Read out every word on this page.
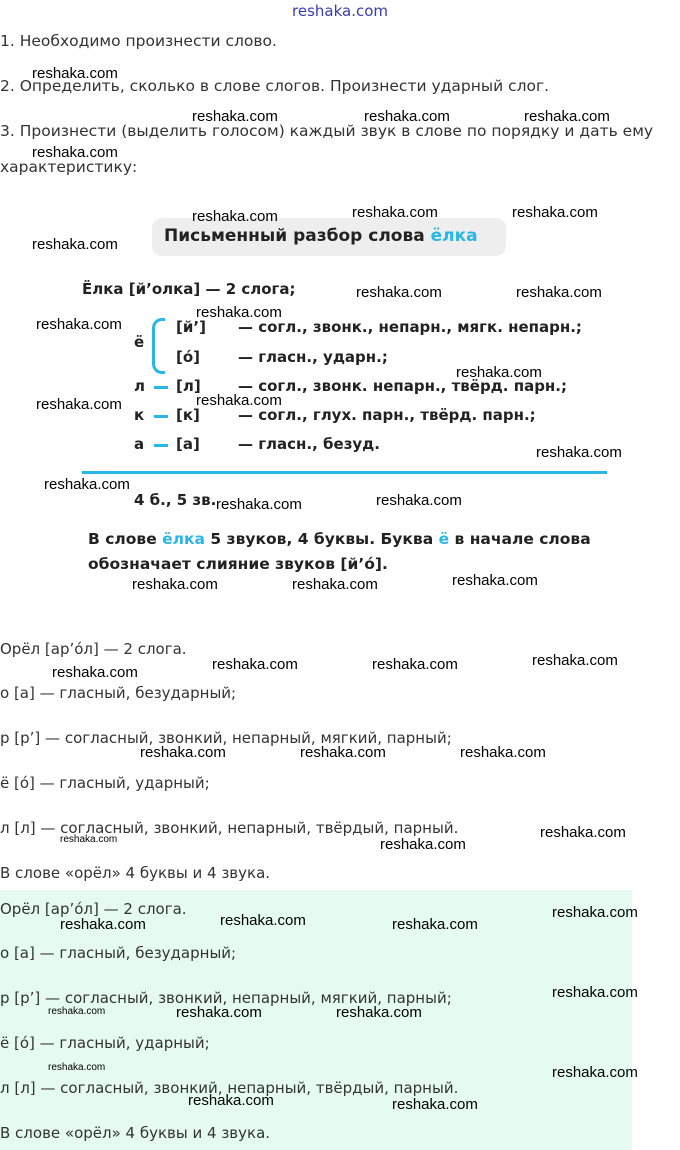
reshaka.com
1. Необходимо произнести слово.
2. Определить, сколько в слове слогов. Произнести ударный слог.
3. Произнести (выделить голосом) каждый звук в слове по порядку и дать ему
характеристику:
Письменный разбор слова ёлка
Ёлка [й’олка] — 2 слога;
ё
[й’] — согл., звонк., непарн., мягк. непарн.;
[о́]	— гласн., ударн.;
л [л] — согл., звонк. непарн., твёрд. парн.;
к [к]	— согл., глух. парн., твёрд. парн.;
а [а]	— гласн., безуд.
4 б., 5 зв.
В слове ёлка 5 звуков, 4 буквы. Буква ё в начале слова
обозначает слияние звуков [й’о́].
Орёл [ар’о́л] — 2 слога.
о [а] — гласный, безударный;
р [р’] — согласный, звонкий, непарный, мягкий, парный;
ё [о́] — гласный, ударный;
л [л] — согласный, звонкий, непарный, твёрдый, парный.
В слове «орёл» 4 буквы и 4 звука.
Орёл [ар’о́л] — 2 слога.
о [а] — гласный, безударный;
р [р’] — согласный, звонкий, непарный, мягкий, парный;
ё [о́] — гласный, ударный;
л [л] — согласный, звонкий, непарный, твёрдый, парный.
В слове «орёл» 4 буквы и 4 звука.
reshaka.com
reshaka.com	reshaka.com	reshaka.com
reshaka.com
reshaka.com	reshaka.com	reshaka.com
reshaka.com
reshaka.com	reshaka.com
reshaka.com
reshaka.com
reshaka.com
reshaka.com
reshaka.com
reshaka.com
reshaka.com
reshaka.com	reshaka.com
reshaka.com	reshaka.com	reshaka.com
reshaka.com	reshaka.com	reshaka.com	reshaka.com
reshaka.com	reshaka.com	reshaka.com
reshaka.com	reshaka.com
reshaka.com
reshaka.com	reshaka.com	reshaka.com
reshaka.com
reshaka.com
reshaka.com	reshaka.com	reshaka.com
reshaka.com	reshaka.com
reshaka.com	reshaka.com
